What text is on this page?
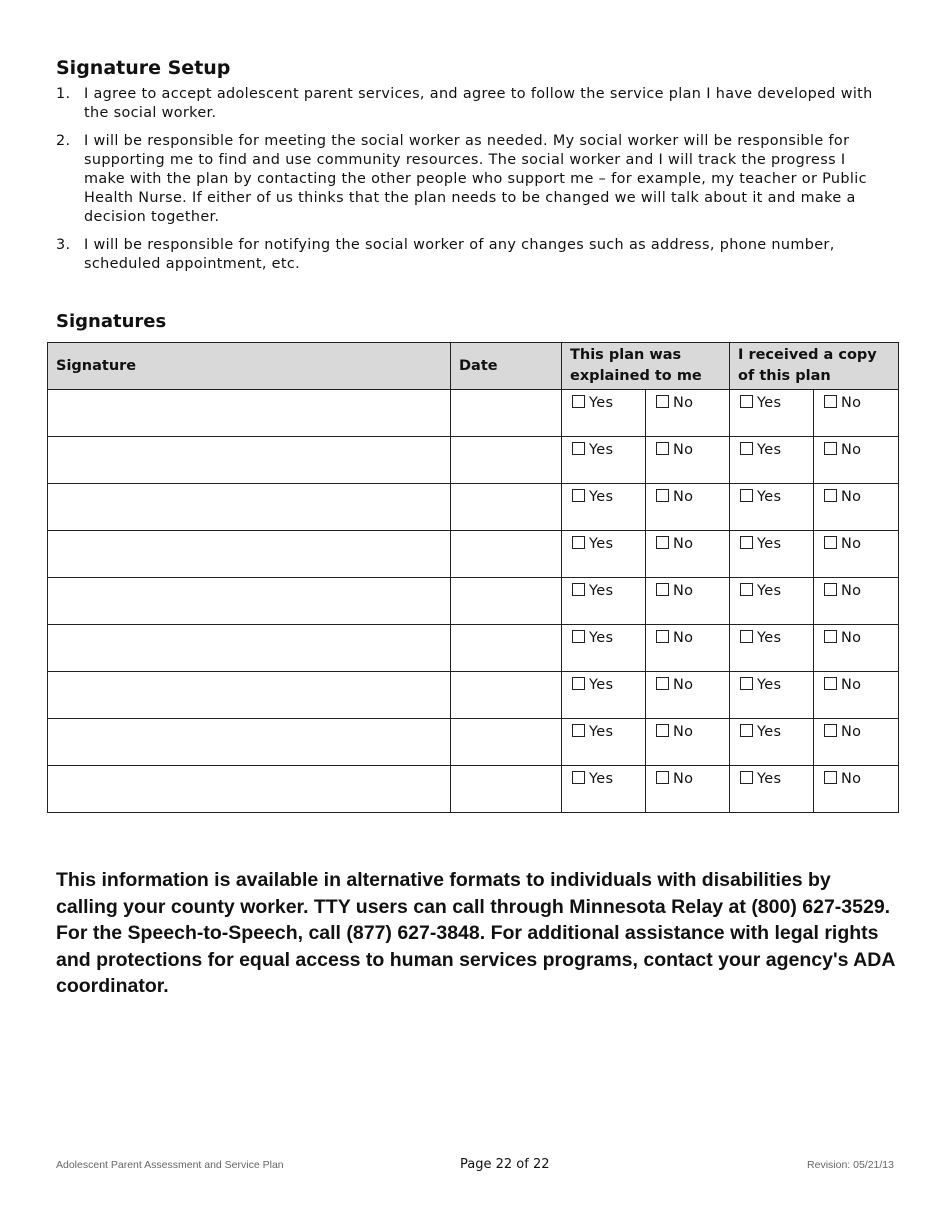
Signature Setup
1. I agree to accept adolescent parent services, and agree to follow the service plan I have developed with the social worker.
2. I will be responsible for meeting the social worker as needed. My social worker will be responsible for supporting me to find and use community resources. The social worker and I will track the progress I make with the plan by contacting the other people who support me – for example, my teacher or Public Health Nurse. If either of us thinks that the plan needs to be changed we will talk about it and make a decision together.
3. I will be responsible for notifying the social worker of any changes such as address, phone number, scheduled appointment, etc.
Signatures
Signature	Date	This plan was explained to me		I received a copy of this plan	
		Yes	No	Yes	No
		Yes	No	Yes	No
		Yes	No	Yes	No
		Yes	No	Yes	No
		Yes	No	Yes	No
		Yes	No	Yes	No
		Yes	No	Yes	No
		Yes	No	Yes	No
		Yes	No	Yes	No

This information is available in alternative formats to individuals with disabilities by calling your county worker. TTY users can call through Minnesota Relay at (800) 627-3529. For the Speech-to-Speech, call (877) 627-3848. For additional assistance with legal rights and protections for equal access to human services programs, contact your agency's ADA coordinator.

Adolescent Parent Assessment and Service Plan	Page 22 of 22	Revision: 05/21/13
